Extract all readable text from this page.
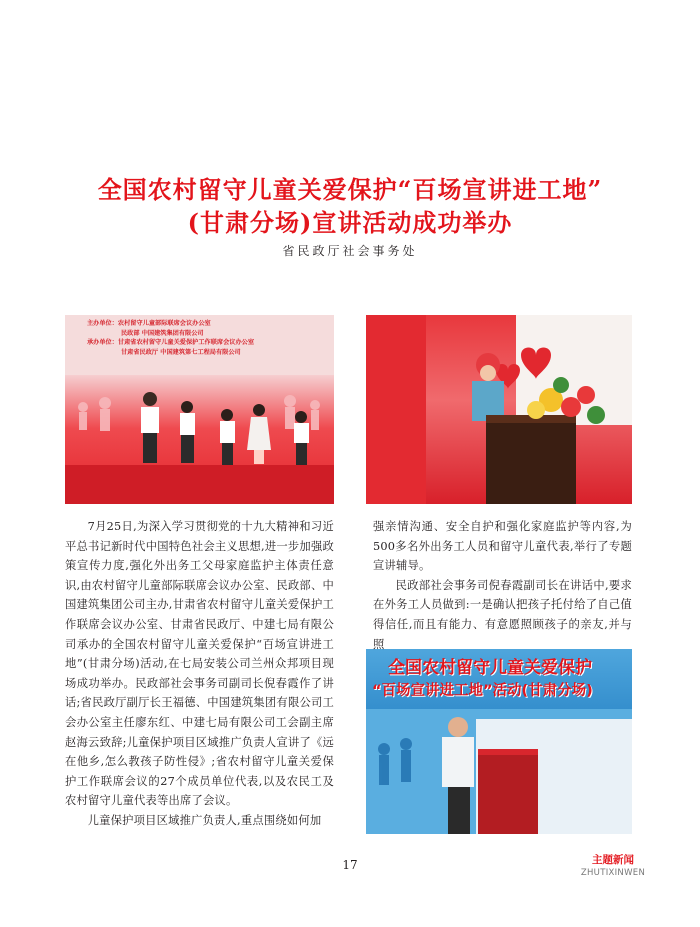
全国农村留守儿童关爱保护“百场宣讲进工地”
(甘肃分场)宣讲活动成功举办
省民政厅社会事务处
主办单位：农村留守儿童部际联席会议办公室
民政部 中国建筑集团有限公司
承办单位：甘肃省农村留守儿童关爱保护工作联席会议办公室
甘肃省民政厅 中国建筑第七工程局有限公司
全国农村留守儿童关爱保护
“百场宣讲进工地”活动(甘肃分场)

7月25日,为深入学习贯彻党的十九大精神和习近平总书记新时代中国特色社会主义思想,进一步加强政策宣传力度,强化外出务工父母家庭监护主体责任意识,由农村留守儿童部际联席会议办公室、民政部、中国建筑集团公司主办,甘肃省农村留守儿童关爱保护工作联席会议办公室、甘肃省民政厅、中建七局有限公司承办的全国农村留守儿童关爱保护“百场宣讲进工地”(甘肃分场)活动,在七局安装公司兰州众邦项目现场成功举办。民政部社会事务司副司长倪春霞作了讲话;省民政厅副厅长王福德、中国建筑集团有限公司工会办公室主任廖东红、中建七局有限公司工会副主席赵海云致辞;儿童保护项目区域推广负责人宣讲了《远在他乡,怎么教孩子防性侵》;省农村留守儿童关爱保护工作联席会议的27个成员单位代表,以及农民工及农村留守儿童代表等出席了会议。

儿童保护项目区域推广负责人,重点围绕如何加

强亲情沟通、安全自护和强化家庭监护等内容,为500多名外出务工人员和留守儿童代表,举行了专题宣讲辅导。

民政部社会事务司倪春霞副司长在讲话中,要求在外务工人员做到:一是确认把孩子托付给了自己值得信任,而且有能力、有意愿照顾孩子的亲友,并与照

17	主题新闻
ZHUTIXINWEN
